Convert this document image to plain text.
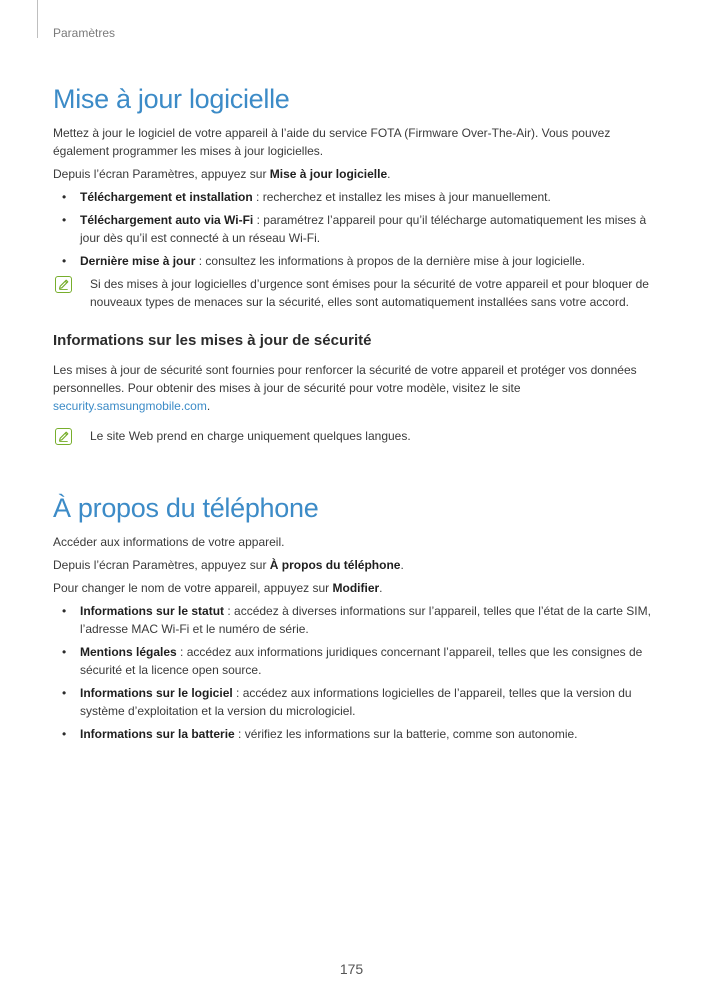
Paramètres
Mise à jour logicielle

Mettez à jour le logiciel de votre appareil à l’aide du service FOTA (Firmware Over-The-Air). Vous pouvez également programmer les mises à jour logicielles.

Depuis l’écran Paramètres, appuyez sur Mise à jour logicielle.

• Téléchargement et installation : recherchez et installez les mises à jour manuellement.
• Téléchargement auto via Wi-Fi : paramétrez l’appareil pour qu’il télécharge automatiquement les mises à jour dès qu’il est connecté à un réseau Wi-Fi.
• Dernière mise à jour : consultez les informations à propos de la dernière mise à jour logicielle.

Si des mises à jour logicielles d’urgence sont émises pour la sécurité de votre appareil et pour bloquer de nouveaux types de menaces sur la sécurité, elles sont automatiquement installées sans votre accord.

Informations sur les mises à jour de sécurité

Les mises à jour de sécurité sont fournies pour renforcer la sécurité de votre appareil et protéger vos données personnelles. Pour obtenir des mises à jour de sécurité pour votre modèle, visitez le site security.samsungmobile.com.

Le site Web prend en charge uniquement quelques langues.

À propos du téléphone

Accéder aux informations de votre appareil.

Depuis l’écran Paramètres, appuyez sur À propos du téléphone.

Pour changer le nom de votre appareil, appuyez sur Modifier.

• Informations sur le statut : accédez à diverses informations sur l’appareil, telles que l’état de la carte SIM, l’adresse MAC Wi-Fi et le numéro de série.
• Mentions légales : accédez aux informations juridiques concernant l’appareil, telles que les consignes de sécurité et la licence open source.
• Informations sur le logiciel : accédez aux informations logicielles de l’appareil, telles que la version du système d’exploitation et la version du micrologiciel.
• Informations sur la batterie : vérifiez les informations sur la batterie, comme son autonomie.
175
